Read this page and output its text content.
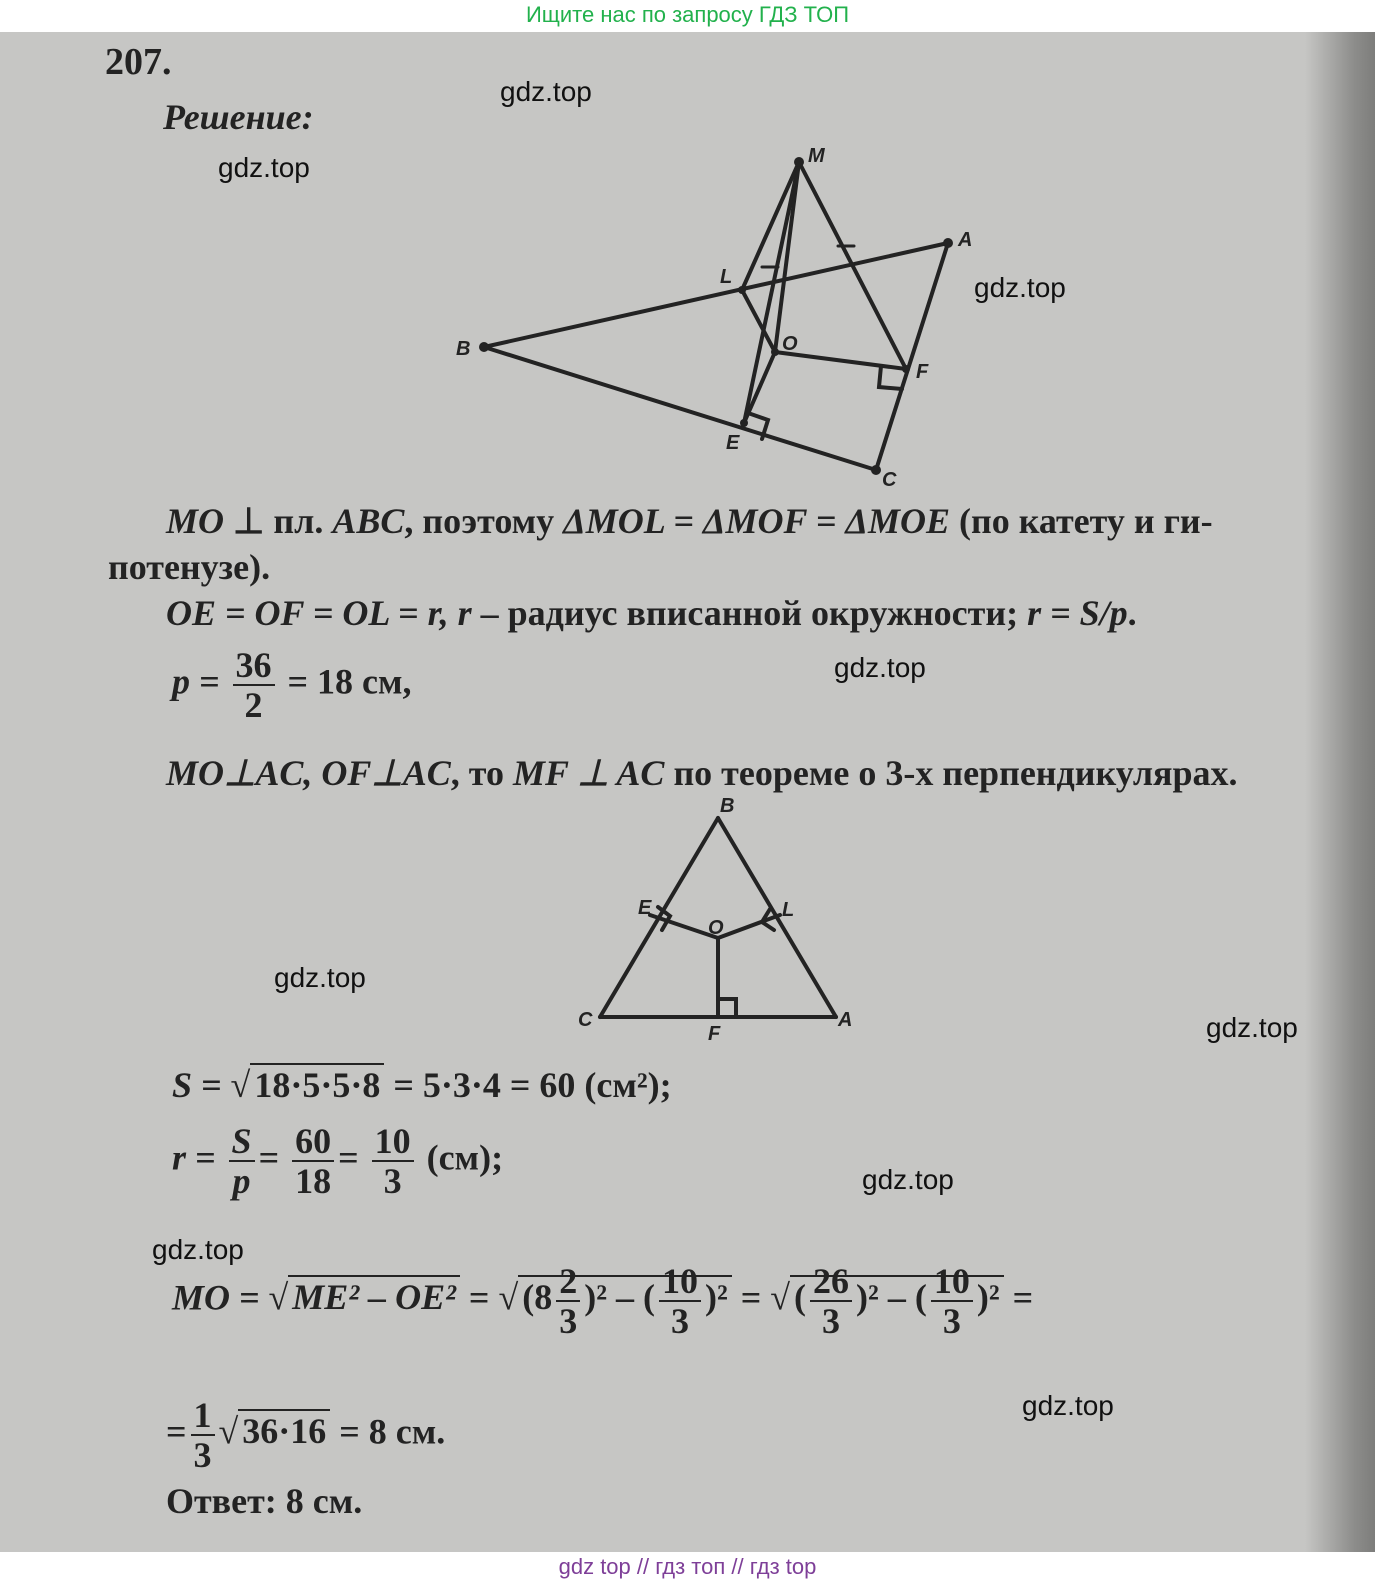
Ищите нас по запросу ГДЗ ТОП
207.
Решение:
M
A
L
B	O
F
E
C
MO ⊥ пл. ABC, поэтому ΔMOL = ΔMOF = ΔMOE (по катету и ги-
потенузе).
OE = OF = OL = r, r – радиус вписанной окружности; r = S/p.
$p = \frac{36}{2} = 18$ см,
MO⊥AC, OF⊥AC, то MF ⊥ AC по теореме о 3-х перпендикулярах.
B
E	L
O
C
F
A
S = √ 18·5·5·8 = 5·3·4 = 60 (см²);
$r = \frac{S}{p} = \frac{60}{18} = \frac{10}{3} (см)$;
MO = √ ME² – OE² = √ $(8 \frac{2}{3} )^2$ – ( $\frac{10}{3} )^2$ = √ ( $\frac{26}{3} )^2$ – ( $\frac{10}{3} )^2$ =
= $\frac{1}{3}$ √ 36·16 = 8 см.
Ответ: 8 см.
gdz.top
gdz.top
gdz.top
gdz.top
gdz.top
gdz.top
gdz.top
gdz.top
gdz.top
gdz top // гдз топ // гдз top
